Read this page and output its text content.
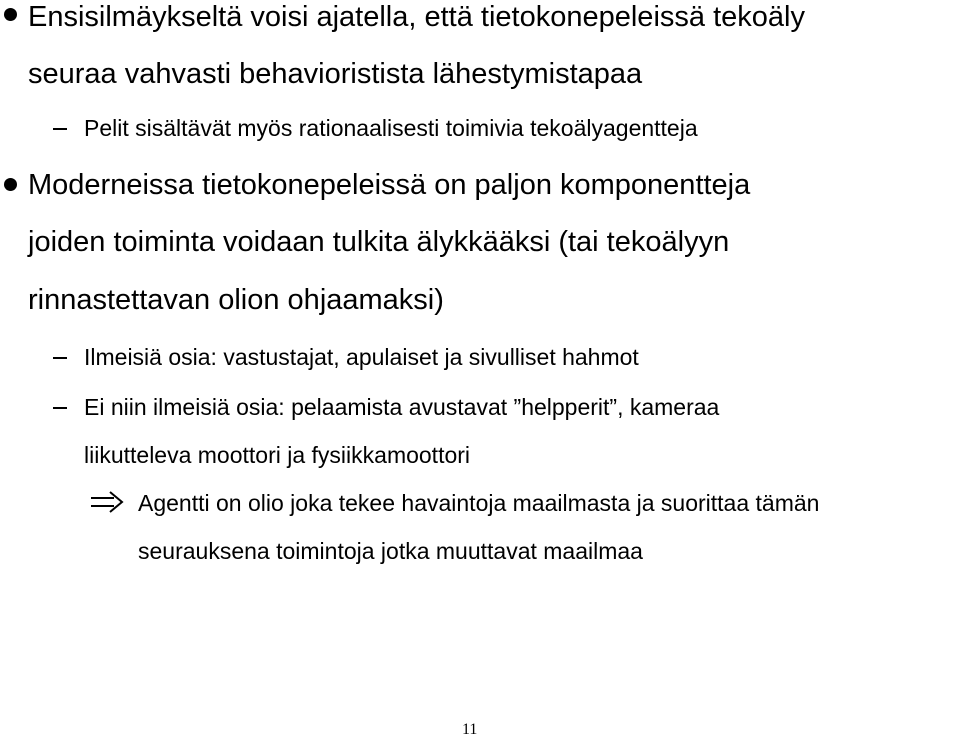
Ensisilmäykseltä voisi ajatella, että tietokonepeleissä tekoäly
seuraa vahvasti behavioristista lähestymistapaa
Pelit sisältävät myös rationaalisesti toimivia tekoälyagentteja
Moderneissa tietokonepeleissä on paljon komponentteja
joiden toiminta voidaan tulkita älykkääksi (tai tekoälyyn
rinnastettavan olion ohjaamaksi)
Ilmeisiä osia: vastustajat, apulaiset ja sivulliset hahmot
Ei niin ilmeisiä osia: pelaamista avustavat ”helpperit”, kameraa
liikutteleva moottori ja fysiikkamoottori
Agentti on olio joka tekee havaintoja maailmasta ja suorittaa tämän
seurauksena toimintoja jotka muuttavat maailmaa
11
